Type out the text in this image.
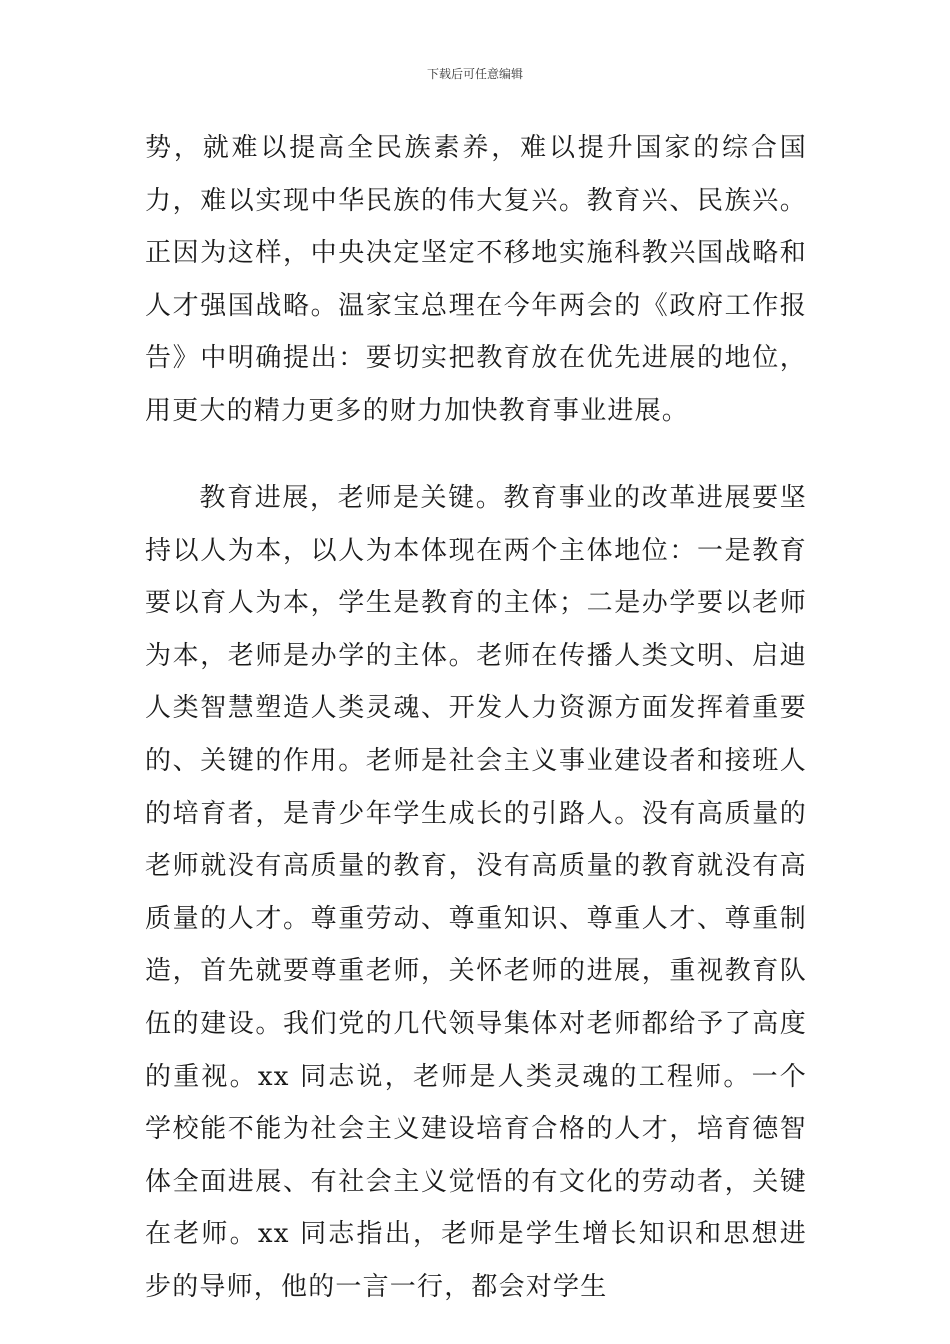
下载后可任意编辑

势，就难以提高全民族素养，难以提升国家的综合国力，难以实现中华民族的伟大复兴。教育兴、民族兴。正因为这样，中央决定坚定不移地实施科教兴国战略和人才强国战略。温家宝总理在今年两会的《政府工作报告》中明确提出：要切实把教育放在优先进展的地位，用更大的精力更多的财力加快教育事业进展。

教育进展，老师是关键。教育事业的改革进展要坚持以人为本，以人为本体现在两个主体地位：一是教育要以育人为本，学生是教育的主体；二是办学要以老师为本，老师是办学的主体。老师在传播人类文明、启迪人类智慧塑造人类灵魂、开发人力资源方面发挥着重要的、关键的作用。老师是社会主义事业建设者和接班人的培育者，是青少年学生成长的引路人。没有高质量的老师就没有高质量的教育，没有高质量的教育就没有高质量的人才。尊重劳动、尊重知识、尊重人才、尊重制造，首先就要尊重老师，关怀老师的进展，重视教育队伍的建设。我们党的几代领导集体对老师都给予了高度的重视。xx 同志说，老师是人类灵魂的工程师。一个学校能不能为社会主义建设培育合格的人才，培育德智体全面进展、有社会主义觉悟的有文化的劳动者，关键在老师。xx 同志指出，老师是学生增长知识和思想进步的导师，他的一言一行，都会对学生
